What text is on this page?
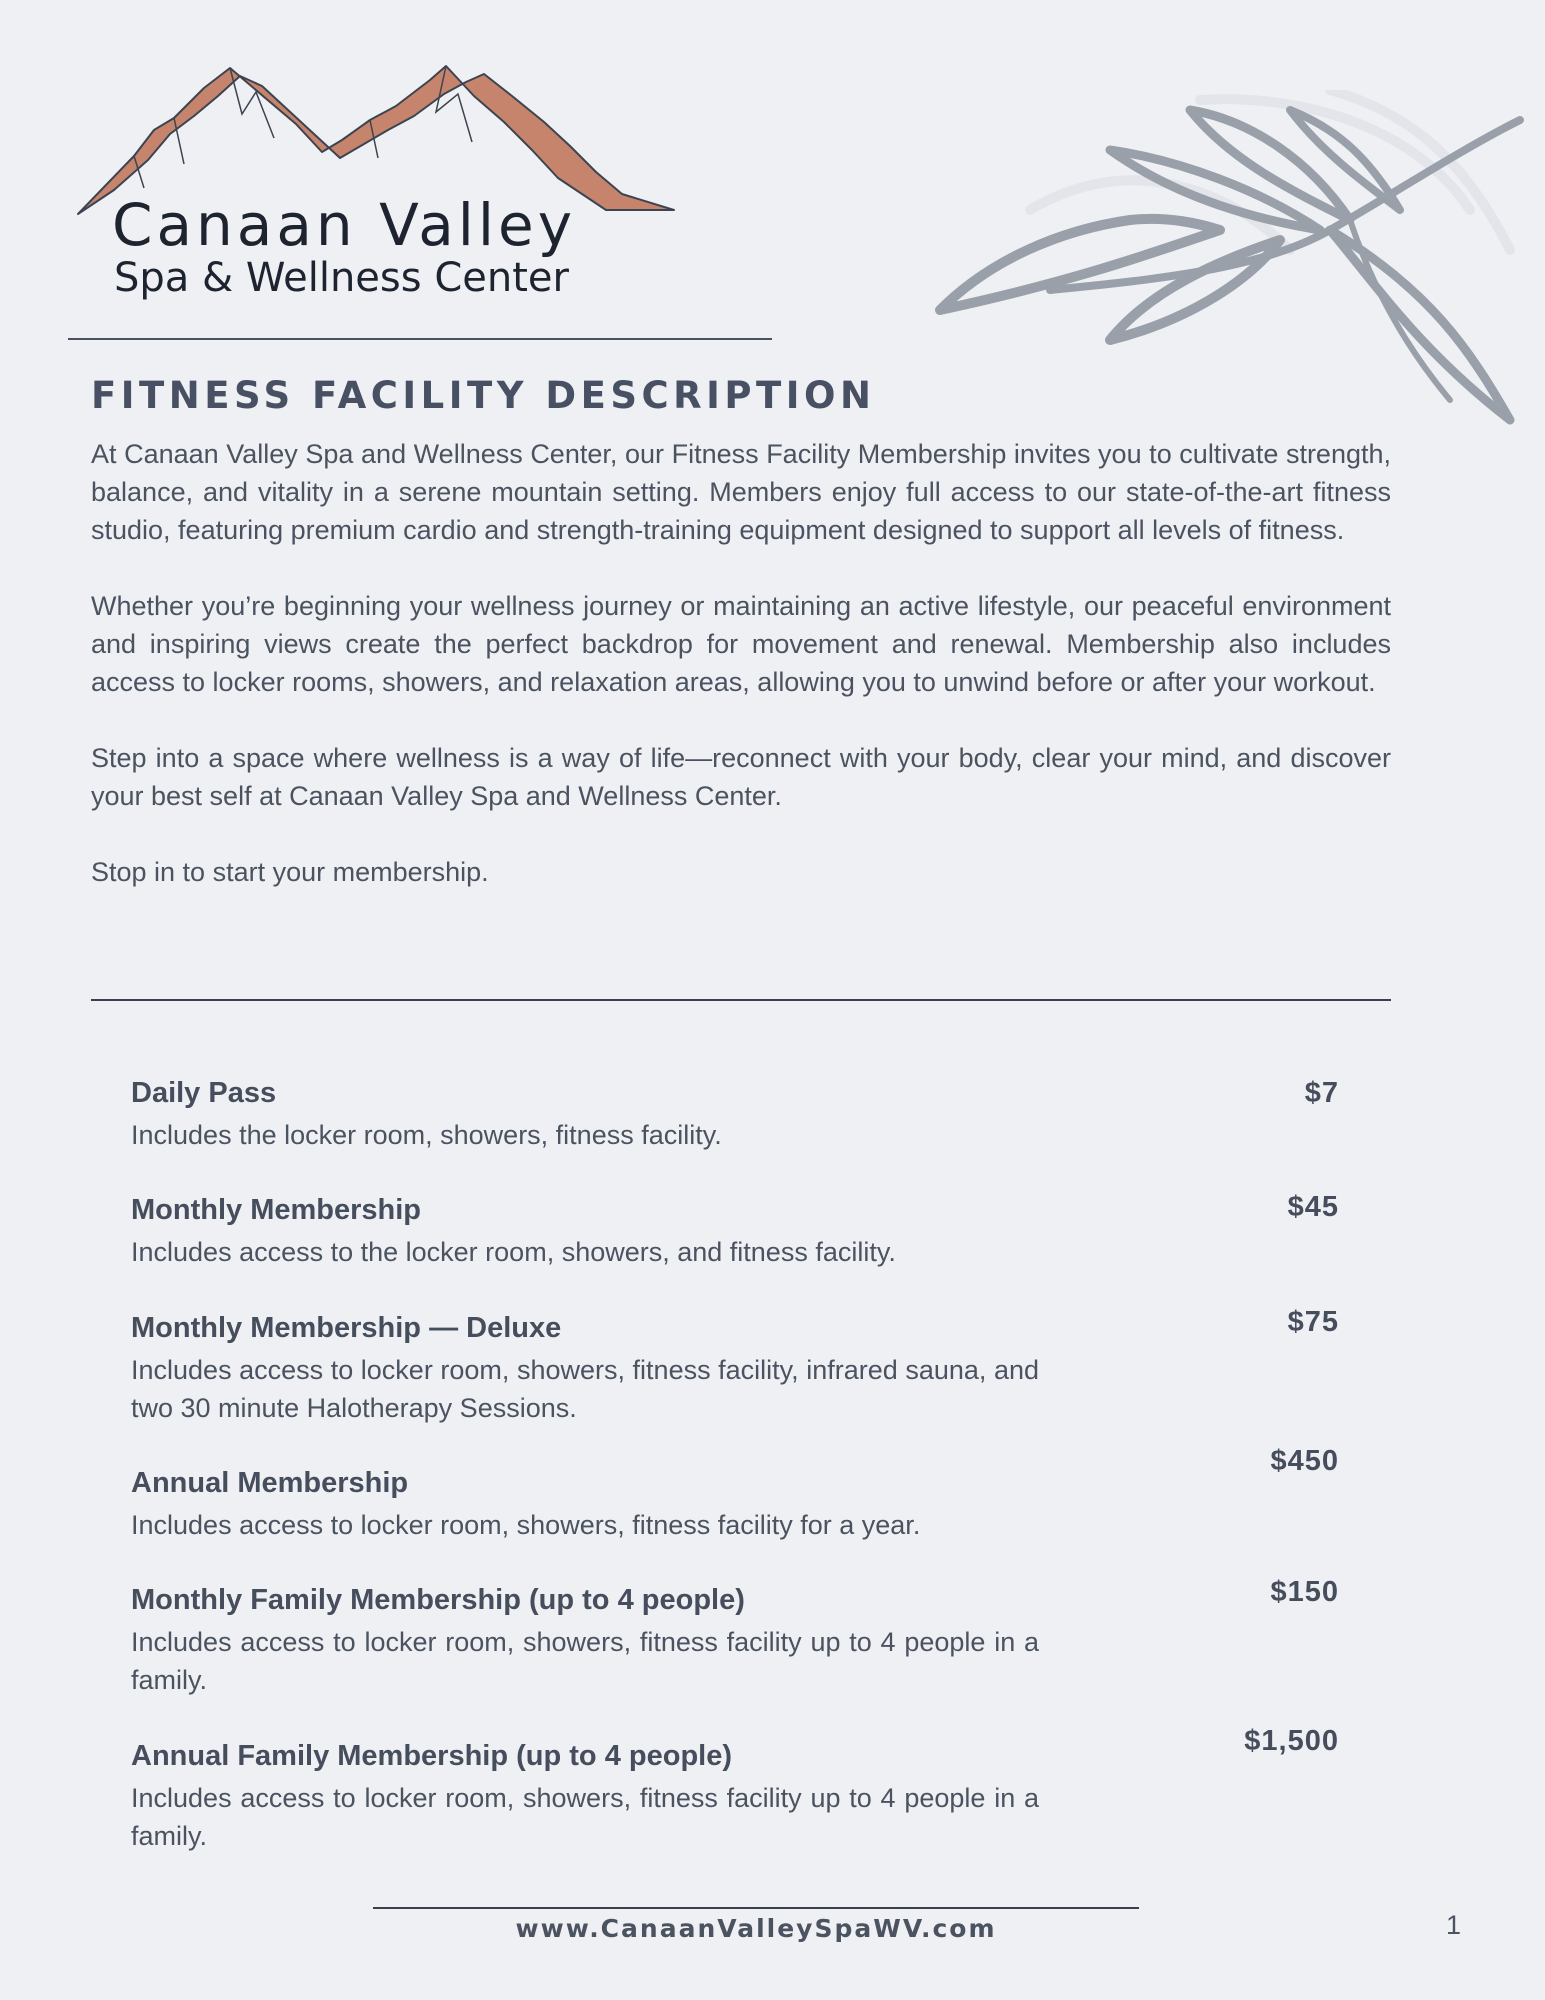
Canaan Valley
Spa & Wellness Center
FITNESS FACILITY DESCRIPTION

At Canaan Valley Spa and Wellness Center, our Fitness Facility Membership invites you to cultivate strength, balance, and vitality in a serene mountain setting. Members enjoy full access to our state-of-the-art fitness studio, featuring premium cardio and strength-training equipment designed to support all levels of fitness.

Whether you’re beginning your wellness journey or maintaining an active lifestyle, our peaceful environment and inspiring views create the perfect backdrop for movement and renewal. Membership also includes access to locker rooms, showers, and relaxation areas, allowing you to unwind before or after your workout.

Step into a space where wellness is a way of life—reconnect with your body, clear your mind, and discover your best self at Canaan Valley Spa and Wellness Center.

Stop in to start your membership.

$7
Daily Pass
Includes the locker room, showers, fitness facility.
$45
Monthly Membership
Includes access to the locker room, showers, and fitness facility.
$75
Monthly Membership — Deluxe
Includes access to locker room, showers, fitness facility, infrared sauna, and two 30 minute Halotherapy Sessions.
$450
Annual Membership
Includes access to locker room, showers, fitness facility for a year.
$150
Monthly Family Membership (up to 4 people)
Includes access to locker room, showers, fitness facility up to 4 people in a family.
$1,500
Annual Family Membership (up to 4 people)
Includes access to locker room, showers, fitness facility up to 4 people in a family.
www.CanaanValleySpaWV.com	1
